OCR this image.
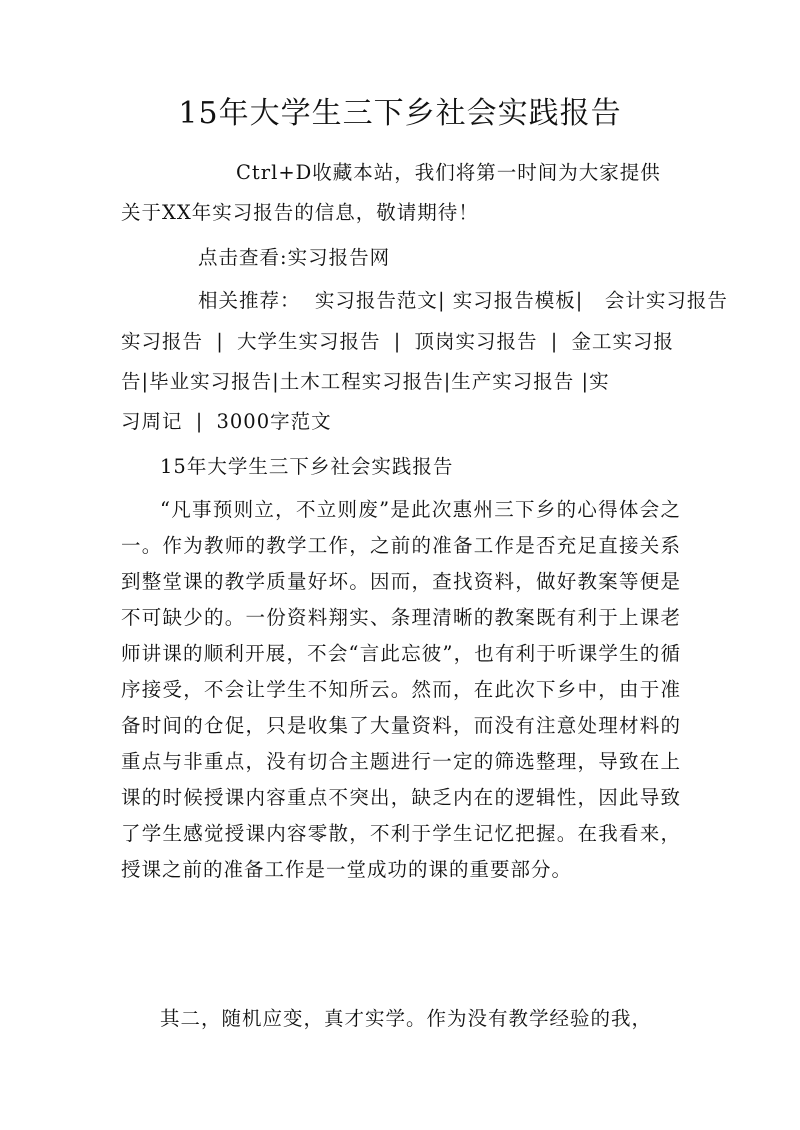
15年大学生三下乡社会实践报告

Ctrl+D收藏本站，我们将第一时间为大家提供

关于XX年实习报告的信息，敬请期待！

点击查看:实习报告网

相关推荐： 实习报告范文| 实习报告模板| 会计实习报告

实习报告 | 大学生实习报告 | 顶岗实习报告 | 金工实习报

告|毕业实习报告|土木工程实习报告|生产实习报告 |实

习周记 | 3000字范文

15年大学生三下乡社会实践报告

“凡事预则立，不立则废”是此次惠州三下乡的心得体会之一。作为教师的教学工作，之前的准备工作是否充足直接关系到整堂课的教学质量好坏。因而，查找资料，做好教案等便是不可缺少的。一份资料翔实、条理清晰的教案既有利于上课老师讲课的顺利开展，不会“言此忘彼”，也有利于听课学生的循序接受，不会让学生不知所云。然而，在此次下乡中，由于准备时间的仓促，只是收集了大量资料，而没有注意处理材料的重点与非重点，没有切合主题进行一定的筛选整理，导致在上课的时候授课内容重点不突出，缺乏内在的逻辑性，因此导致了学生感觉授课内容零散，不利于学生记忆把握。在我看来，授课之前的准备工作是一堂成功的课的重要部分。

其二，随机应变，真才实学。作为没有教学经验的我，
